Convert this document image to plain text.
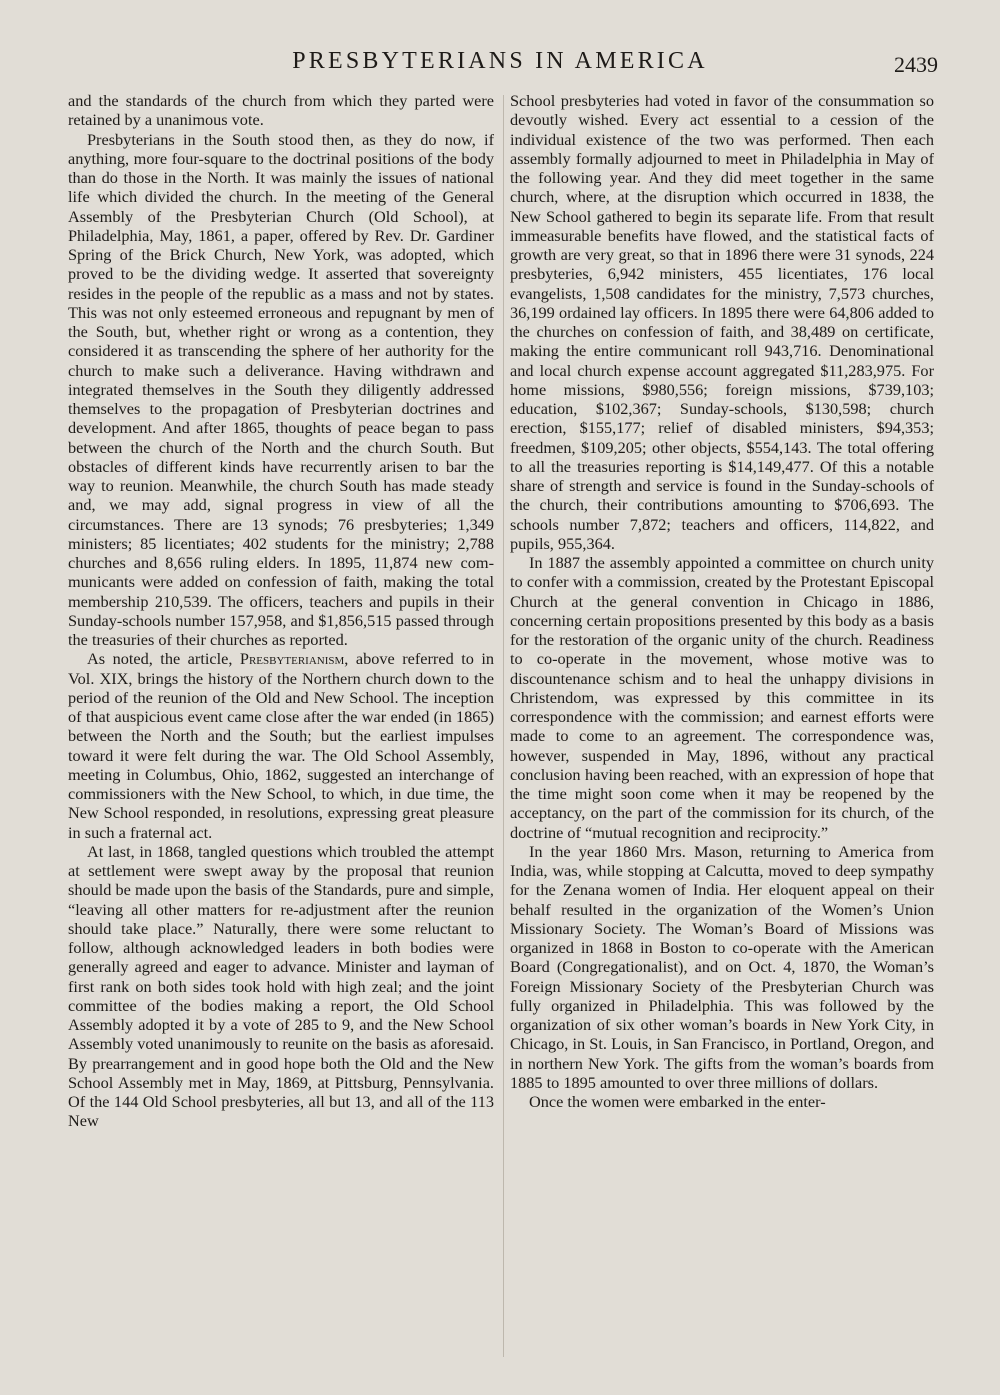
PRESBYTERIANS IN AMERICA	2439

and the standards of the church from which they parted were retained by a unanimous vote.

Presbyterians in the South stood then, as they do now, if anything, more four-square to the doctrinal positions of the body than do those in the North. It was mainly the issues of national life which divided the church. In the meeting of the General Assembly of the Presbyterian Church (Old School), at Philadelphia, May, 1861, a paper, offered by Rev. Dr. Gardiner Spring of the Brick Church, New York, was adopted, which proved to be the dividing wedge. It asserted that sovereignty resides in the people of the republic as a mass and not by states. This was not only esteemed erroneous and repugnant by men of the South, but, whether right or wrong as a contention, they considered it as transcending the sphere of her authority for the church to make such a deliverance. Having withdrawn and integrated themselves in the South they diligently addressed themselves to the propagation of Presbyterian doctrines and development. And after 1865, thoughts of peace began to pass between the church of the North and the church South. But obstacles of different kinds have recurrently arisen to bar the way to reunion. Meanwhile, the church South has made steady and, we may add, signal progress in view of all the circumstances. There are 13 synods; 76 presbyteries; 1,349 ministers; 85 licentiates; 402 students for the ministry; 2,788 churches and 8,656 ruling elders. In 1895, 11,874 new communicants were added on confession of faith, making the total membership 210,539. The officers, teachers and pupils in their Sunday-schools number 157,958, and $1,856,515 passed through the treasuries of their churches as reported.

As noted, the article, Presbyterianism, above referred to in Vol. XIX, brings the history of the Northern church down to the period of the reunion of the Old and New School. The inception of that auspicious event came close after the war ended (in 1865) between the North and the South; but the earliest impulses toward it were felt during the war. The Old School Assembly, meeting in Columbus, Ohio, 1862, suggested an interchange of commissioners with the New School, to which, in due time, the New School responded, in resolutions, expressing great pleasure in such a fraternal act.

At last, in 1868, tangled questions which troubled the attempt at settlement were swept away by the proposal that reunion should be made upon the basis of the Standards, pure and simple, “leaving all other matters for re-adjustment after the reunion should take place.” Naturally, there were some reluctant to follow, although acknowledged leaders in both bodies were generally agreed and eager to advance. Minister and layman of first rank on both sides took hold with high zeal; and the joint committee of the bodies making a report, the Old School Assembly adopted it by a vote of 285 to 9, and the New School Assembly voted unanimously to reunite on the basis as aforesaid. By prearrangement and in good hope both the Old and the New School Assembly met in May, 1869, at Pittsburg, Pennsylvania. Of the 144 Old School presbyteries, all but 13, and all of the 113 New

School presbyteries had voted in favor of the consummation so devoutly wished. Every act essential to a cession of the individual existence of the two was performed. Then each assembly formally adjourned to meet in Philadelphia in May of the following year. And they did meet together in the same church, where, at the disruption which occurred in 1838, the New School gathered to begin its separate life. From that result immeasurable benefits have flowed, and the statistical facts of growth are very great, so that in 1896 there were 31 synods, 224 presbyteries, 6,942 ministers, 455 licentiates, 176 local evangelists, 1,508 candidates for the ministry, 7,573 churches, 36,199 ordained lay officers. In 1895 there were 64,806 added to the churches on confession of faith, and 38,489 on certificate, making the entire communicant roll 943,716. Denominational and local church expense account aggregated $11,283,975. For home missions, $980,556; foreign missions, $739,103; education, $102,367; Sunday-schools, $130,598; church erection, $155,177; relief of disabled ministers, $94,353; freedmen, $109,205; other objects, $554,143. The total offering to all the treasuries reporting is $14,149,477. Of this a notable share of strength and service is found in the Sunday-schools of the church, their contributions amounting to $706,693. The schools number 7,872; teachers and officers, 114,822, and pupils, 955,364.

In 1887 the assembly appointed a committee on church unity to confer with a commission, created by the Protestant Episcopal Church at the general convention in Chicago in 1886, concerning certain propositions presented by this body as a basis for the restoration of the organic unity of the church. Readiness to co-operate in the movement, whose motive was to discountenance schism and to heal the unhappy divisions in Christendom, was expressed by this committee in its correspondence with the commission; and earnest efforts were made to come to an agreement. The correspondence was, however, suspended in May, 1896, without any practical conclusion having been reached, with an expression of hope that the time might soon come when it may be reopened by the acceptancy, on the part of the commission for its church, of the doctrine of “mutual recognition and reciprocity.”

In the year 1860 Mrs. Mason, returning to America from India, was, while stopping at Calcutta, moved to deep sympathy for the Zenana women of India. Her eloquent appeal on their behalf resulted in the organization of the Women’s Union Missionary Society. The Woman’s Board of Missions was organized in 1868 in Boston to co-operate with the American Board (Congregationalist), and on Oct. 4, 1870, the Woman’s Foreign Missionary Society of the Presbyterian Church was fully organized in Philadelphia. This was followed by the organization of six other woman’s boards in New York City, in Chicago, in St. Louis, in San Francisco, in Portland, Oregon, and in northern New York. The gifts from the woman’s boards from 1885 to 1895 amounted to over three millions of dollars.

Once the women were embarked in the enter-
